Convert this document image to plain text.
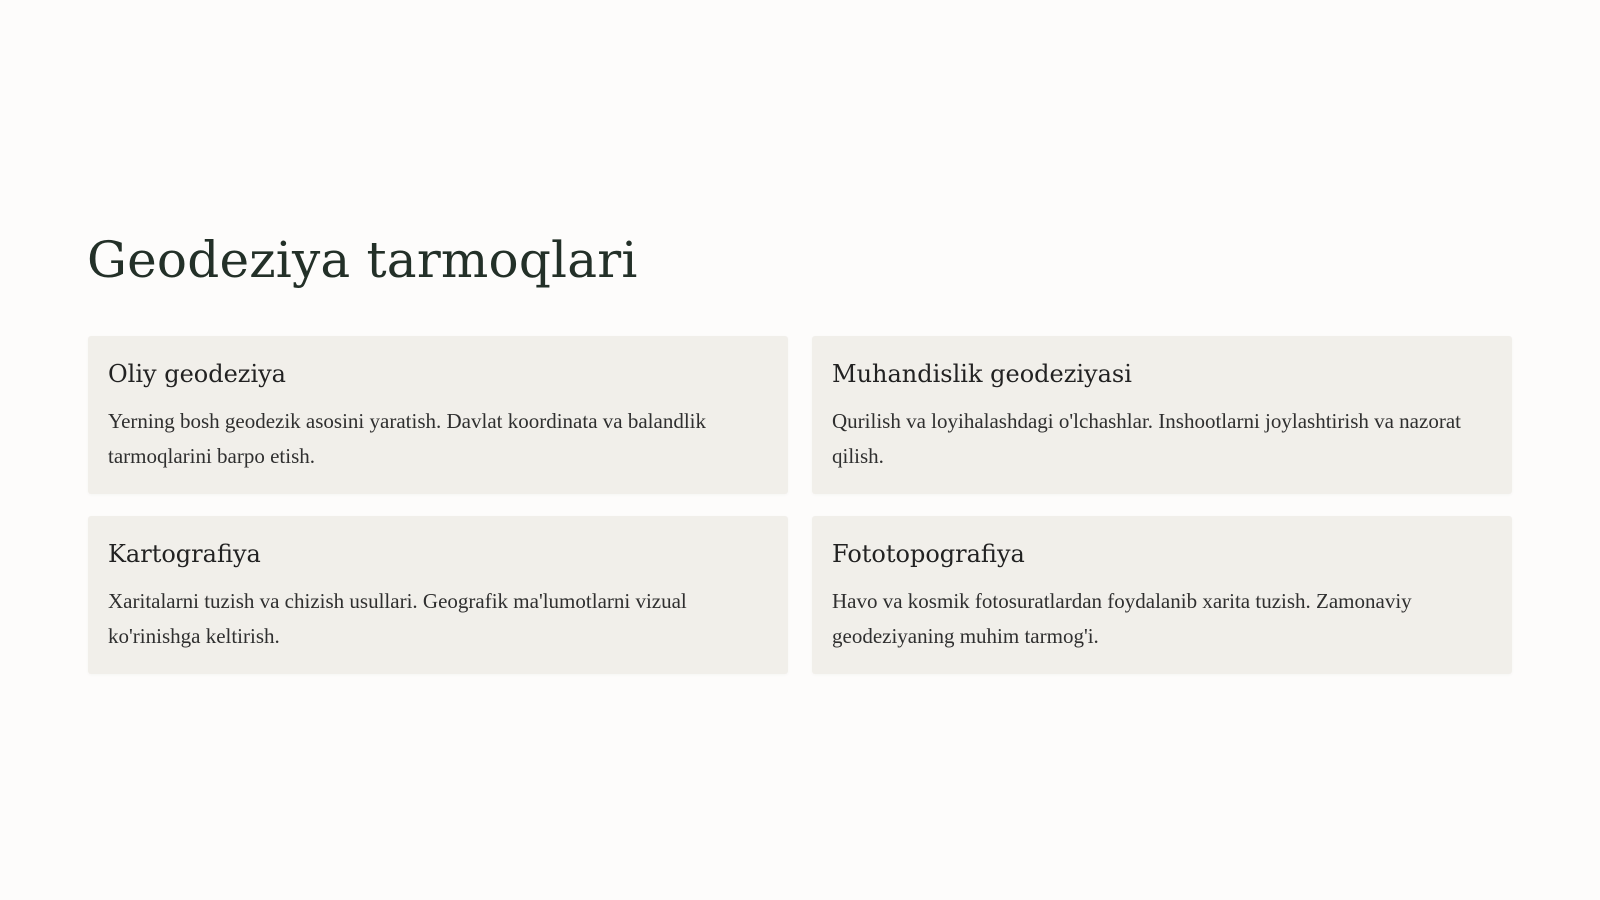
Geodeziya tarmoqlari
Oliy geodeziya

Yerning bosh geodezik asosini yaratish. Davlat koordinata va balandlik tarmoqlarini barpo etish.

Muhandislik geodeziyasi

Qurilish va loyihalashdagi o'lchashlar. Inshootlarni joylashtirish va nazorat qilish.

Kartografiya

Xaritalarni tuzish va chizish usullari. Geografik ma'lumotlarni vizual ko'rinishga keltirish.

Fototopografiya

Havo va kosmik fotosuratlardan foydalanib xarita tuzish. Zamonaviy geodeziyaning muhim tarmog'i.
